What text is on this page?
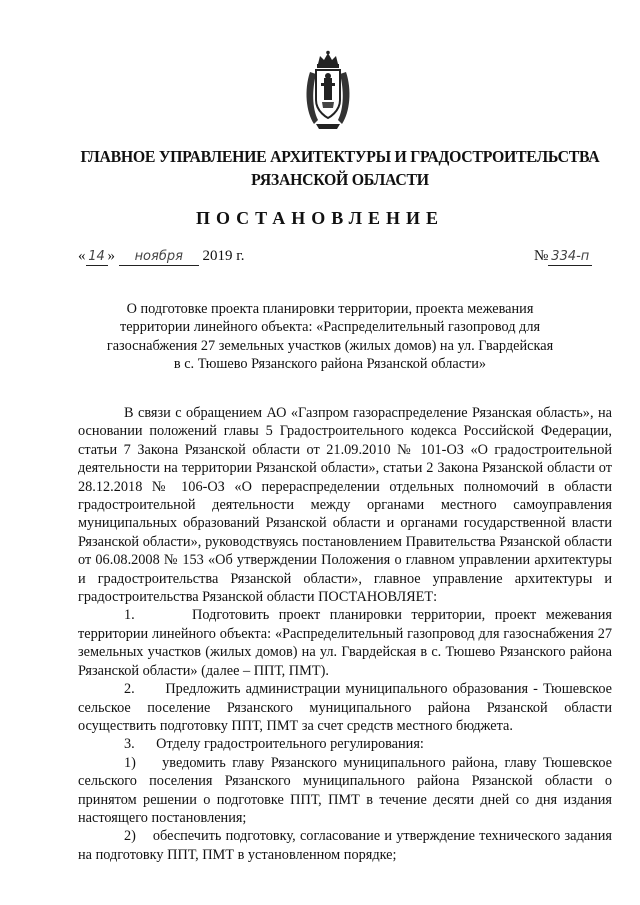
ГЛАВНОЕ УПРАВЛЕНИЕ АРХИТЕКТУРЫ И ГРАДОСТРОИТЕЛЬСТВА
РЯЗАНСКОЙ ОБЛАСТИ
ПОСТАНОВЛЕНИЕ
« 14 » ноября 2019 г.	№ 334-п
О подготовке проекта планировки территории, проекта межевания
территории линейного объекта: «Распределительный газопровод для
газоснабжения 27 земельных участков (жилых домов) на ул. Гвардейская
в с. Тюшево Рязанского района Рязанской области»

В связи с обращением АО «Газпром газораспределение Рязанская область», на основании положений главы 5 Градостроительного кодекса Российской Федерации, статьи 7 Закона Рязанской области от 21.09.2010 № 101-ОЗ «О градостроительной деятельности на территории Рязанской области», статьи 2 Закона Рязанской области от 28.12.2018 № 106-ОЗ «О перераспределении отдельных полномочий в области градостроительной деятельности между органами местного самоуправления муниципальных образований Рязанской области и органами государственной власти Рязанской области», руководствуясь постановлением Правительства Рязанской области от 06.08.2008 № 153 «Об утверждении Положения о главном управлении архитектуры и градостроительства Рязанской области», главное управление архитектуры и градостроительства Рязанской области ПОСТАНОВЛЯЕТ:

1.      Подготовить проект планировки территории, проект межевания территории линейного объекта: «Распределительный газопровод для газоснабжения 27 земельных участков (жилых домов) на ул. Гвардейская в с. Тюшево Рязанского района Рязанской области» (далее – ППТ, ПМТ).

2.      Предложить администрации муниципального образования - Тюшевское сельское поселение Рязанского муниципального района Рязанской области осуществить подготовку ППТ, ПМТ за счет средств местного бюджета.

3.      Отделу градостроительного регулирования:

1)    уведомить главу Рязанского муниципального района, главу Тюшевское сельского поселения Рязанского муниципального района Рязанской области о принятом решении о подготовке ППТ, ПМТ в течение десяти дней со дня издания настоящего постановления;

2)    обеспечить подготовку, согласование и утверждение технического задания на подготовку ППТ, ПМТ в установленном порядке;
